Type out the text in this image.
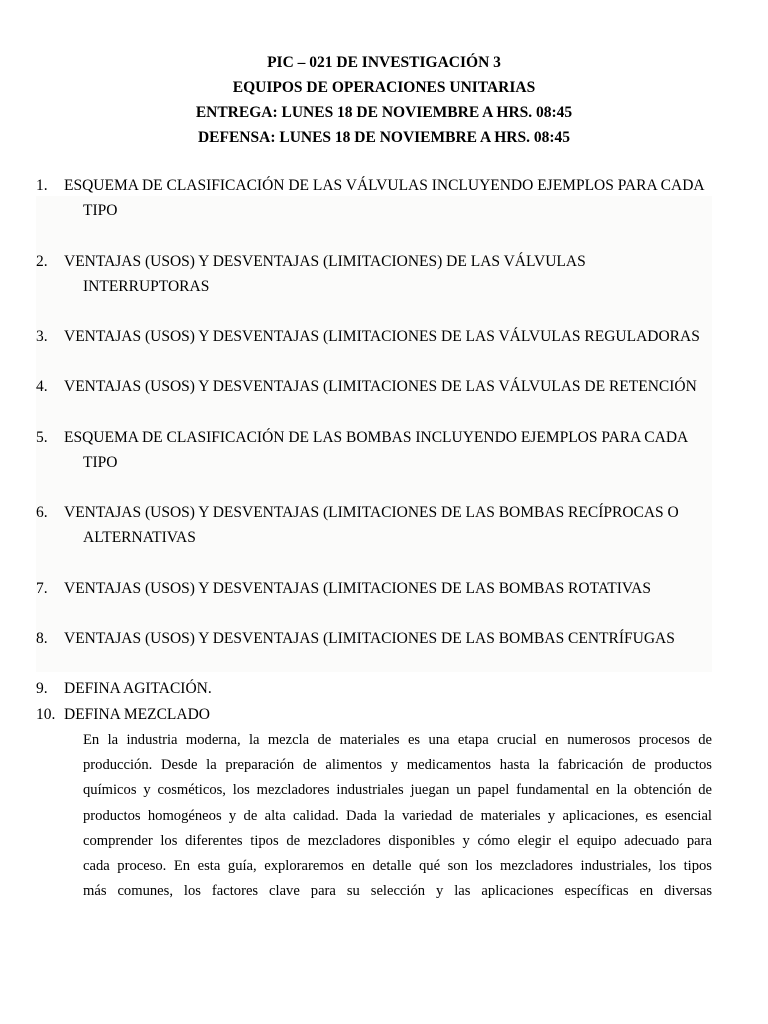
PIC – 021 DE INVESTIGACIÓN 3
EQUIPOS DE OPERACIONES UNITARIAS
ENTREGA: LUNES 18 DE NOVIEMBRE A HRS. 08:45
DEFENSA: LUNES 18 DE NOVIEMBRE A HRS. 08:45
1.	ESQUEMA DE CLASIFICACIÓN DE LAS VÁLVULAS INCLUYENDO EJEMPLOS PARA CADA
TIPO
2.	VENTAJAS (USOS) Y DESVENTAJAS (LIMITACIONES) DE LAS VÁLVULAS
INTERRUPTORAS
3.	VENTAJAS (USOS) Y DESVENTAJAS (LIMITACIONES DE LAS VÁLVULAS REGULADORAS
4.	VENTAJAS (USOS) Y DESVENTAJAS (LIMITACIONES DE LAS VÁLVULAS DE RETENCIÓN
5.	ESQUEMA DE CLASIFICACIÓN DE LAS BOMBAS INCLUYENDO EJEMPLOS PARA CADA
TIPO
6.	VENTAJAS (USOS) Y DESVENTAJAS (LIMITACIONES DE LAS BOMBAS RECÍPROCAS O
ALTERNATIVAS
7.	VENTAJAS (USOS) Y DESVENTAJAS (LIMITACIONES DE LAS BOMBAS ROTATIVAS
8.	VENTAJAS (USOS) Y DESVENTAJAS (LIMITACIONES DE LAS BOMBAS CENTRÍFUGAS
9.	DEFINA AGITACIÓN.
10. DEFINA MEZCLADO
En la industria moderna, la mezcla de materiales es una etapa crucial en numerosos procesos de
producción. Desde la preparación de alimentos y medicamentos hasta la fabricación de productos
químicos y cosméticos, los mezcladores industriales juegan un papel fundamental en la obtención de
productos homogéneos y de alta calidad. Dada la variedad de materiales y aplicaciones, es esencial
comprender los diferentes tipos de mezcladores disponibles y cómo elegir el equipo adecuado para
cada proceso. En esta guía, exploraremos en detalle qué son los mezcladores industriales, los tipos
más comunes, los factores clave para su selección y las aplicaciones específicas en diversas
